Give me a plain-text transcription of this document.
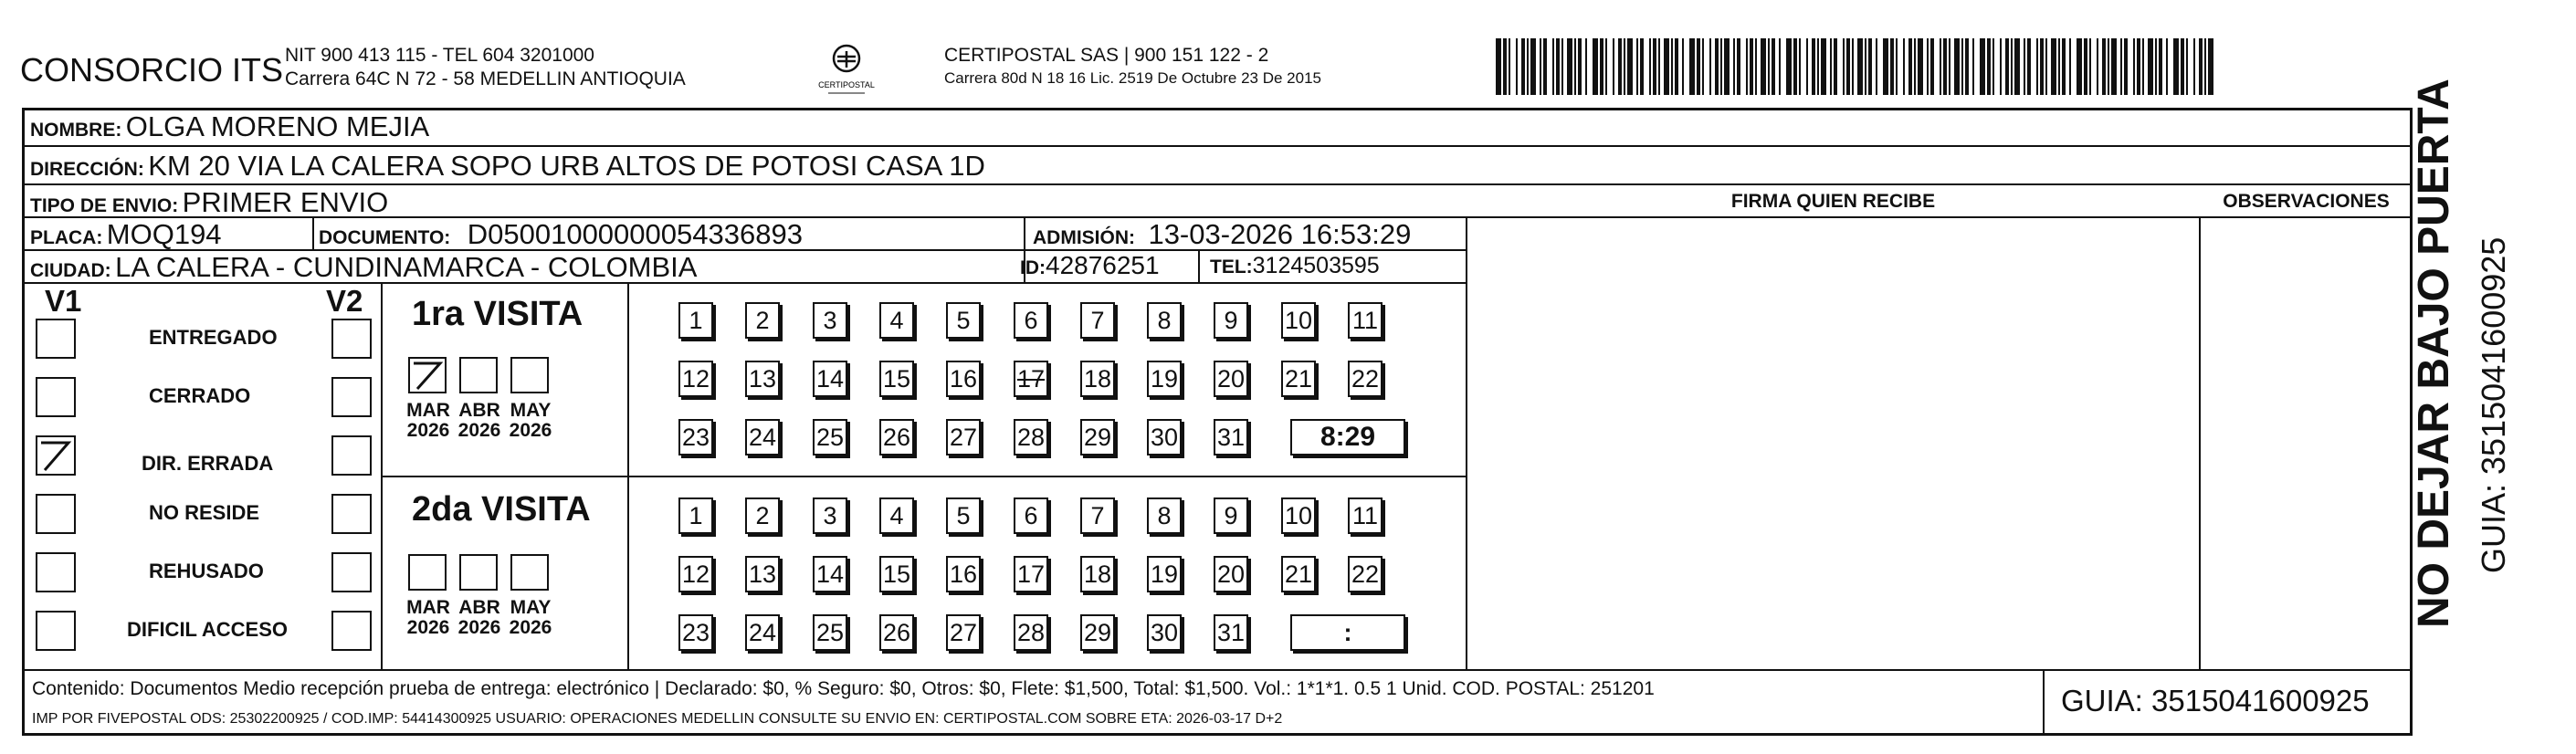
CONSORCIO ITS NIT 900 413 115 - TEL 604 3201000
Carrera 64C N 72 - 58 MEDELLIN ANTIOQUIA	CERTIPOSTAL
CERTIPOSTAL SAS | 900 151 122 - 2
Carrera 80d N 18 16 Lic. 2519 De Octubre 23 De 2015
NOMBRE: OLGA MORENO MEJIA
DIRECCIÓN: KM 20 VIA LA CALERA SOPO URB ALTOS DE POTOSI CASA 1D
TIPO DE ENVIO: PRIMER ENVIO
PLACA: MOQ194	DOCUMENTO: D05001000000054336893	ADMISIÓN: 13-03-2026 16:53:29
CIUDAD: LA CALERA - CUNDINAMARCA - COLOMBIA	ID:42876251	TEL:3124503595
FIRMA QUIEN RECIBE	OBSERVACIONES
V1	V2
ENTREGADO
CERRADO
DIR. ERRADA
NO RESIDE
REHUSADO
DIFICIL ACCESO
1ra VISITA
2da VISITA
MAR
2026
ABR
2026
MAY
2026
MAR
2026
ABR
2026
MAY
2026
1	2	3	4	5	6	7	8	9	10 11
12 13 14 15 16 17 18 19 20 21 22
23 24 25 26 27 28 29 30 31	8:29
1	2	3	4	5	6	7	8	9	10 11
12 13 14 15 16 17 18 19 20 21 22
23 24 25 26 27 28 29 30 31	:
Contenido: Documentos Medio recepción prueba de entrega: electrónico | Declarado: $0, % Seguro: $0, Otros: $0, Flete: $1,500, Total: $1,500. Vol.: 1*1*1. 0.5 1 Unid. COD. POSTAL: 251201
IMP POR FIVEPOSTAL ODS: 25302200925 / COD.IMP: 54414300925 USUARIO: OPERACIONES MEDELLIN CONSULTE SU ENVIO EN: CERTIPOSTAL.COM SOBRE ETA: 2026-03-17 D+2
GUIA: 3515041600925
NO DEJAR BAJO PUERTA GUIA: 3515041600925
